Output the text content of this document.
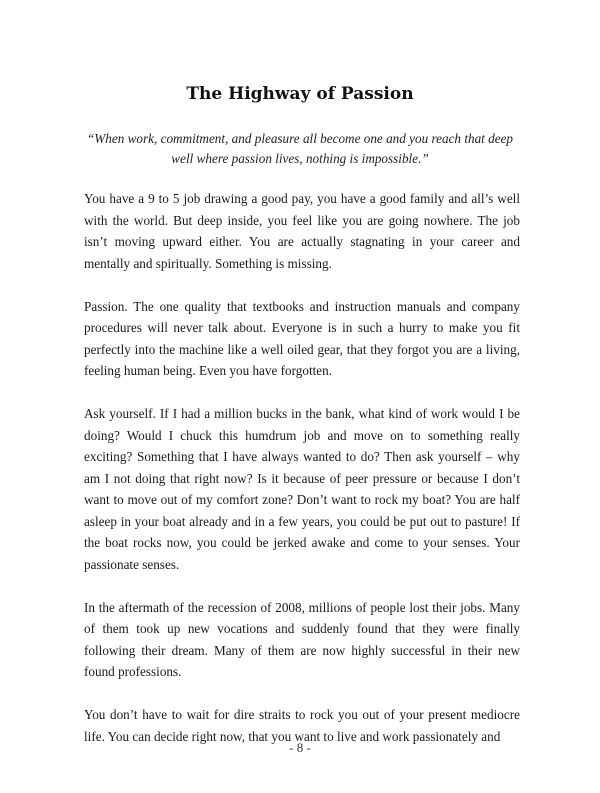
The Highway of Passion

“When work, commitment, and pleasure all become one and you reach that deep well where passion lives, nothing is impossible.”

You have a 9 to 5 job drawing a good pay, you have a good family and all’s well with the world. But deep inside, you feel like you are going nowhere. The job isn’t moving upward either. You are actually stagnating in your career and mentally and spiritually. Something is missing.

Passion. The one quality that textbooks and instruction manuals and company procedures will never talk about. Everyone is in such a hurry to make you fit perfectly into the machine like a well oiled gear, that they forgot you are a living, feeling human being. Even you have forgotten.

Ask yourself. If I had a million bucks in the bank, what kind of work would I be doing? Would I chuck this humdrum job and move on to something really exciting? Something that I have always wanted to do? Then ask yourself – why am I not doing that right now? Is it because of peer pressure or because I don’t want to move out of my comfort zone? Don’t want to rock my boat? You are half asleep in your boat already and in a few years, you could be put out to pasture! If the boat rocks now, you could be jerked awake and come to your senses. Your passionate senses.

In the aftermath of the recession of 2008, millions of people lost their jobs. Many of them took up new vocations and suddenly found that they were finally following their dream. Many of them are now highly successful in their new found professions.

You don’t have to wait for dire straits to rock you out of your present mediocre life. You can decide right now, that you want to live and work passionately and

- 8 -
